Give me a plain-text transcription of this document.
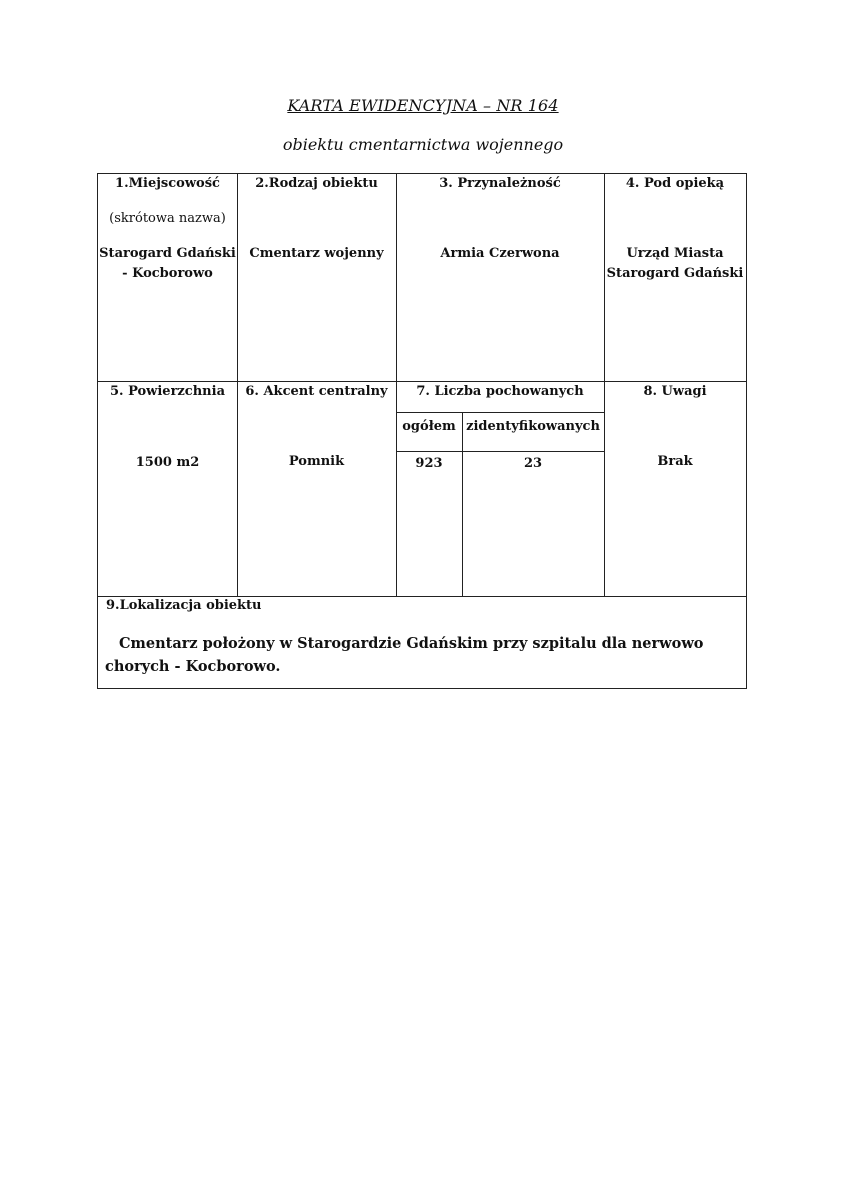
KARTA EWIDENCYJNA – NR 164
obiektu cmentarnictwa wojennego
1.Miejscowość
(skrótowa nazwa)
Starogard Gdański
- Kocborowo
2.Rodzaj obiektu
Cmentarz wojenny
3. Przynależność
Armia Czerwona
4. Pod opieką
Urząd Miasta
Starogard Gdański
5. Powierzchnia
1500 m2
6. Akcent centralny
Pomnik
7. Liczba pochowanych
ogółem zidentyfikowanych
923	23
8. Uwagi
Brak
9.Lokalizacja obiektu
Cmentarz położony w Starogardzie Gdańskim przy szpitalu dla nerwowo chorych - Kocborowo.
